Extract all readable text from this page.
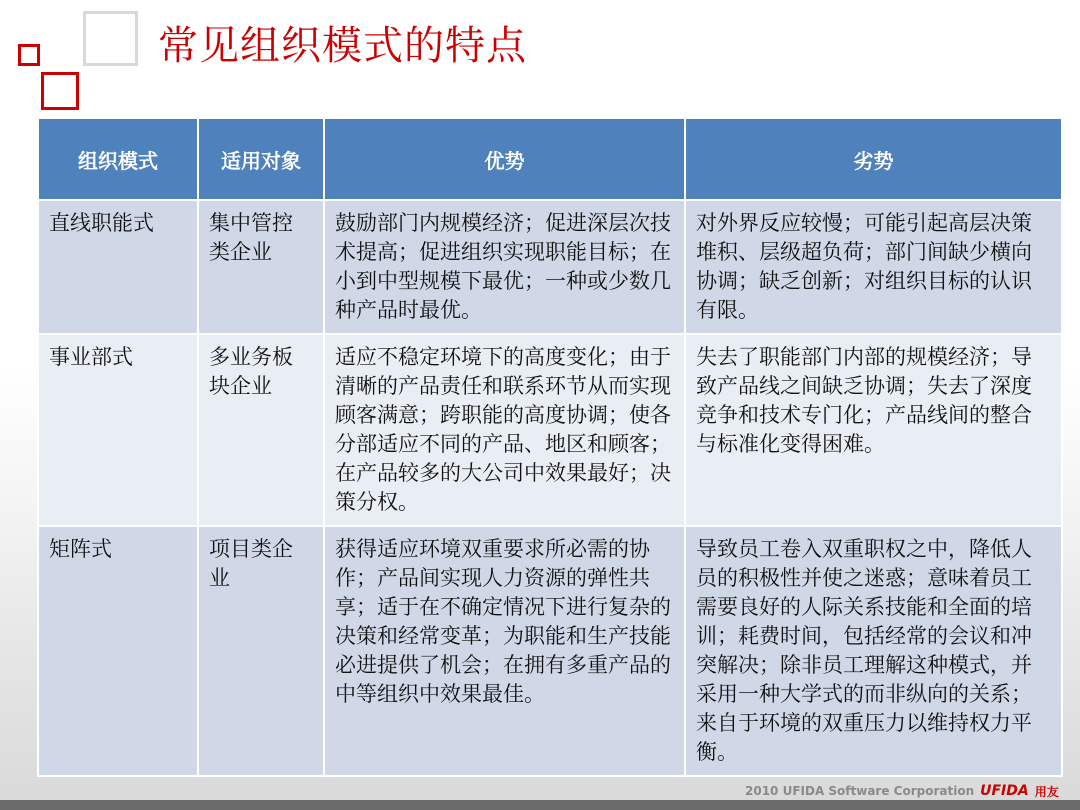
常见组织模式的特点
组织模式	适用对象	优势	劣势
直线职能式	集中管控类企业	鼓励部门内规模经济；促进深层次技术提高；促进组织实现职能目标；在小到中型规模下最优；一种或少数几种产品时最优。	对外界反应较慢；可能引起高层决策堆积、层级超负荷；部门间缺少横向协调；缺乏创新；对组织目标的认识有限。
事业部式	多业务板块企业	适应不稳定环境下的高度变化；由于清晰的产品责任和联系环节从而实现顾客满意；跨职能的高度协调；使各分部适应不同的产品、地区和顾客；在产品较多的大公司中效果最好；决策分权。	失去了职能部门内部的规模经济；导致产品线之间缺乏协调；失去了深度竞争和技术专门化；产品线间的整合与标准化变得困难。
矩阵式	项目类企业	获得适应环境双重要求所必需的协作；产品间实现人力资源的弹性共享；适于在不确定情况下进行复杂的决策和经常变革；为职能和生产技能必进提供了机会；在拥有多重产品的中等组织中效果最佳。	导致员工卷入双重职权之中，降低人员的积极性并使之迷惑；意味着员工需要良好的人际关系技能和全面的培训；耗费时间，包括经常的会议和冲突解决；除非员工理解这种模式，并采用一种大学式的而非纵向的关系；来自于环境的双重压力以维持权力平衡。
2010 UFIDA Software Corporation UFIDA 用友
